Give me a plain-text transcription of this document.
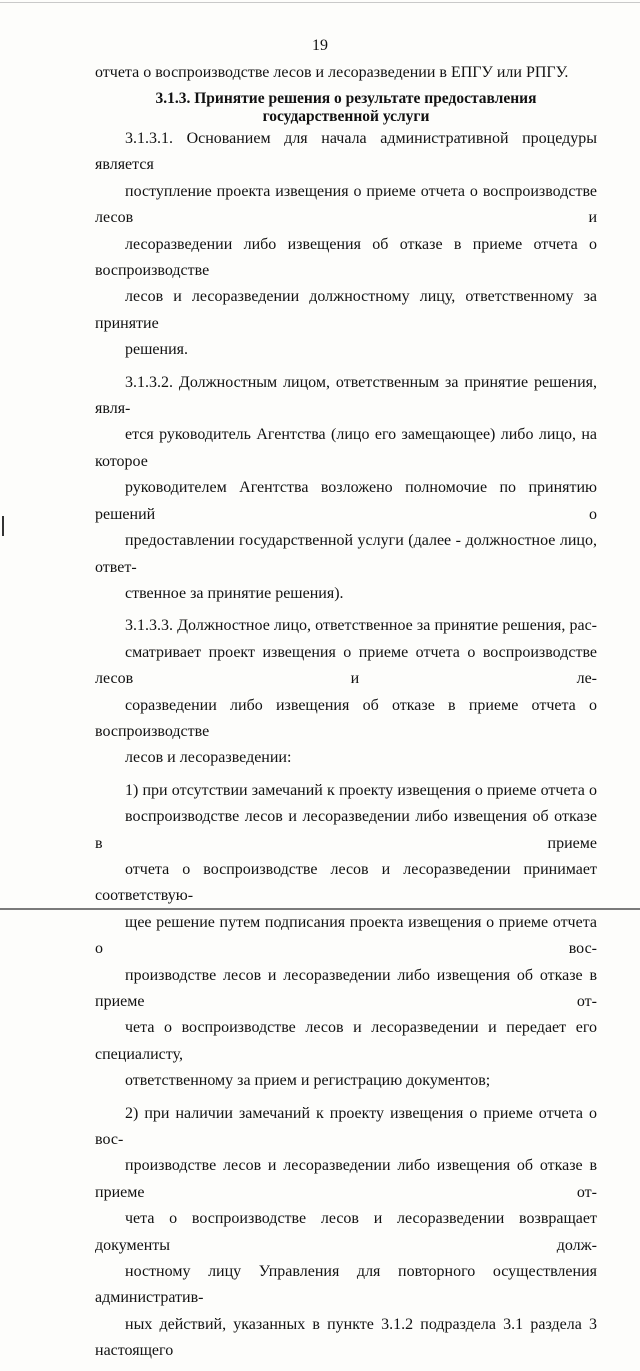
19
отчета о воспроизводстве лесов и лесоразведении в ЕПГУ или РПГУ.
3.1.3. Принятие решения о результате предоставления
государственной услуги

3.1.3.1. Основанием для начала административной процедуры является
поступление проекта извещения о приеме отчета о воспроизводстве лесов и
лесоразведении либо извещения об отказе в приеме отчета о воспроизводстве
лесов и лесоразведении должностному лицу, ответственному за принятие
решения.

3.1.3.2. Должностным лицом, ответственным за принятие решения, явля-
ется руководитель Агентства (лицо его замещающее) либо лицо, на которое
руководителем Агентства возложено полномочие по принятию решений о
предоставлении государственной услуги (далее - должностное лицо, ответ-
ственное за принятие решения).

3.1.3.3. Должностное лицо, ответственное за принятие решения, рас-
сматривает проект извещения о приеме отчета о воспроизводстве лесов и ле-
соразведении либо извещения об отказе в приеме отчета о воспроизводстве
лесов и лесоразведении:

1) при отсутствии замечаний к проекту извещения о приеме отчета о
воспроизводстве лесов и лесоразведении либо извещения об отказе в приеме
отчета о воспроизводстве лесов и лесоразведении принимает соответствую-
щее решение путем подписания проекта извещения о приеме отчета о вос-
производстве лесов и лесоразведении либо извещения об отказе в приеме от-
чета о воспроизводстве лесов и лесоразведении и передает его специалисту,
ответственному за прием и регистрацию документов;

2) при наличии замечаний к проекту извещения о приеме отчета о вос-
производстве лесов и лесоразведении либо извещения об отказе в приеме от-
чета о воспроизводстве лесов и лесоразведении возвращает документы долж-
ностному лицу Управления для повторного осуществления административ-
ных действий, указанных в пункте 3.1.2 подраздела 3.1 раздела 3 настоящего
